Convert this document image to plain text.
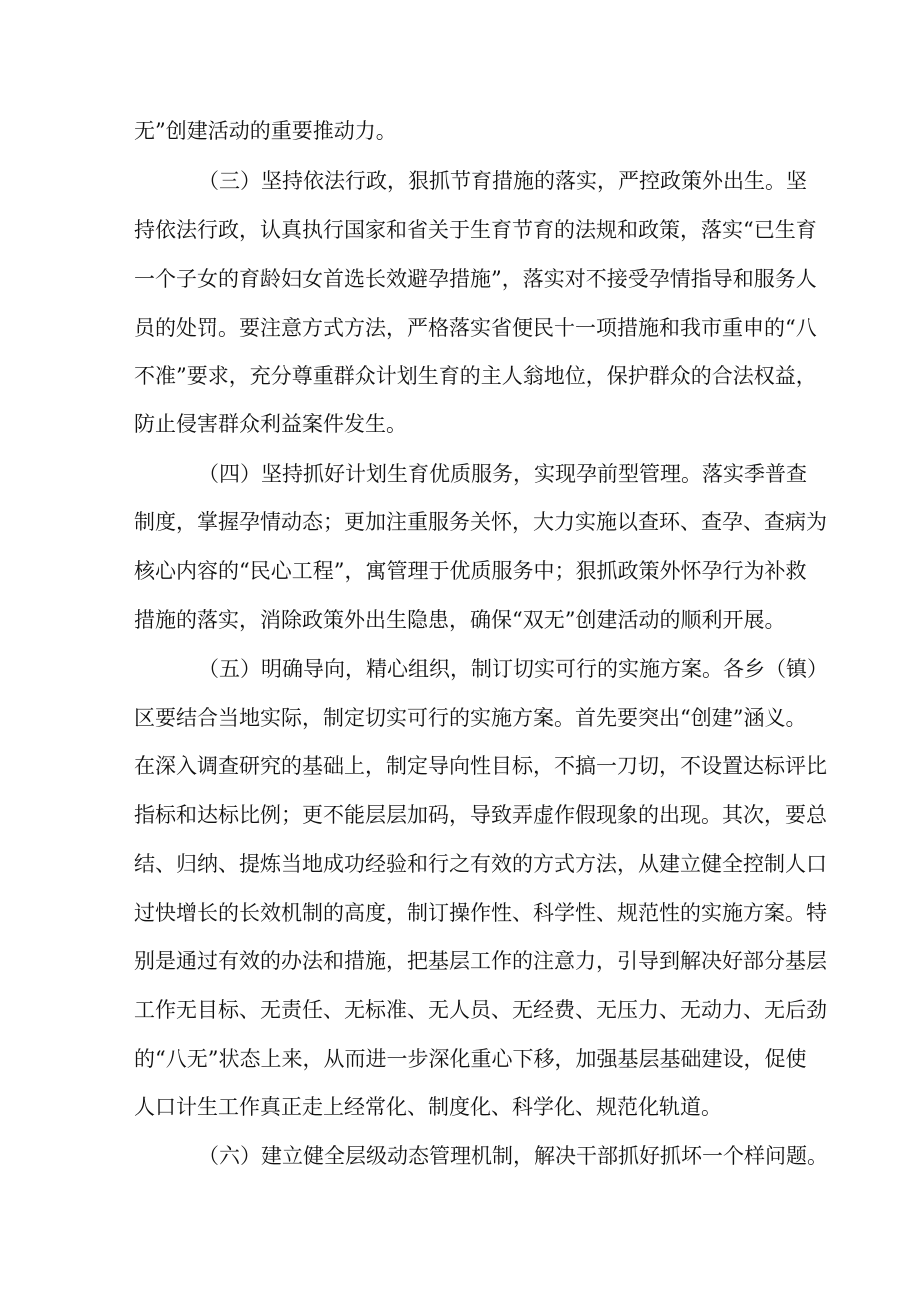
无”创建活动的重要推动力。
（三）坚持依法行政，狠抓节育措施的落实，严控政策外出生。坚
持依法行政，认真执行国家和省关于生育节育的法规和政策，落实“已生育
一个子女的育龄妇女首选长效避孕措施”，落实对不接受孕情指导和服务人
员的处罚。要注意方式方法，严格落实省便民十一项措施和我市重申的“八
不准”要求，充分尊重群众计划生育的主人翁地位，保护群众的合法权益，
防止侵害群众利益案件发生。
（四）坚持抓好计划生育优质服务，实现孕前型管理。落实季普查
制度，掌握孕情动态；更加注重服务关怀，大力实施以查环、查孕、查病为
核心内容的“民心工程”，寓管理于优质服务中；狠抓政策外怀孕行为补救
措施的落实，消除政策外出生隐患，确保“双无”创建活动的顺利开展。
（五）明确导向，精心组织，制订切实可行的实施方案。各乡（镇）
区要结合当地实际，制定切实可行的实施方案。首先要突出“创建”涵义。
在深入调查研究的基础上，制定导向性目标，不搞一刀切，不设置达标评比
指标和达标比例；更不能层层加码，导致弄虚作假现象的出现。其次，要总
结、归纳、提炼当地成功经验和行之有效的方式方法，从建立健全控制人口
过快增长的长效机制的高度，制订操作性、科学性、规范性的实施方案。特
别是通过有效的办法和措施，把基层工作的注意力，引导到解决好部分基层
工作无目标、无责任、无标准、无人员、无经费、无压力、无动力、无后劲
的“八无”状态上来，从而进一步深化重心下移，加强基层基础建设，促使
人口计生工作真正走上经常化、制度化、科学化、规范化轨道。
（六）建立健全层级动态管理机制，解决干部抓好抓坏一个样问题。
